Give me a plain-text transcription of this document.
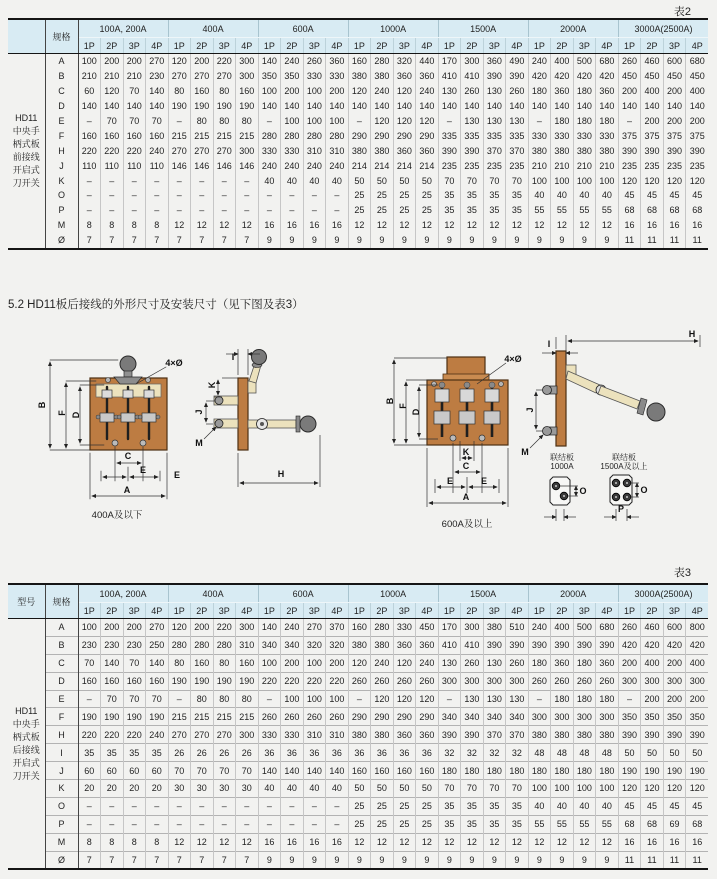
表2
	规格	100A, 200A				400A				600A				1000A				1500A				2000A				3000A(2500A)			
		1P	2P	3P	4P	1P	2P	3P	4P	1P	2P	3P	4P	1P	2P	3P	4P	1P	2P	3P	4P	1P	2P	3P	4P	1P	2P	3P	4P

HD11
中央手
柄式板
前接线
开启式
刀开关
	A	100	200	200	270	120	200	220	300	140	240	260	360	160	280	320	440	170	300	360	490	240	400	500	680	260	460	600	680
	B	210	210	210	230	270	270	270	300	350	350	330	330	380	380	360	360	410	410	390	390	420	420	420	420	450	450	450	450
	C	60	120	70	140	80	160	80	160	100	200	100	200	120	240	120	240	130	260	130	260	180	360	180	360	200	400	200	400
	D	140	140	140	140	190	190	190	190	140	140	140	140	140	140	140	140	140	140	140	140	140	140	140	140	140	140	140	140
	E	–	70	70	70	–	80	80	80	–	100	100	100	–	120	120	120	–	130	130	130	–	180	180	180	–	200	200	200
	F	160	160	160	160	215	215	215	215	280	280	280	280	290	290	290	290	335	335	335	335	330	330	330	330	375	375	375	375
	H	220	220	220	240	270	270	270	300	330	330	310	310	380	380	360	360	390	390	370	370	380	380	380	380	390	390	390	390
	J	110	110	110	110	146	146	146	146	240	240	240	240	214	214	214	214	235	235	235	235	210	210	210	210	235	235	235	235
	K	–	–	–	–	–	–	–	–	40	40	40	40	50	50	50	50	70	70	70	70	100	100	100	100	120	120	120	120
	O	–	–	–	–	–	–	–	–	–	–	–	–	25	25	25	25	35	35	35	35	40	40	40	40	45	45	45	45
	P	–	–	–	–	–	–	–	–	–	–	–	–	25	25	25	25	35	35	35	35	55	55	55	55	68	68	68	68
	M	8	8	8	8	12	12	12	12	16	16	16	16	12	12	12	12	12	12	12	12	12	12	12	12	16	16	16	16
	Ø	7	7	7	7	7	7	7	7	9	9	9	9	9	9	9	9	9	9	9	9	9	9	9	9	11	11	11	11
5.2 HD11板后接线的外形尺寸及安装尺寸（见下图及表3）
B
F D
4×Ø
C
E	E
A
400A及以下
I
K
J
M
H
B
F
D
4×Ø
K
C
E	E
A
600A及以上
I
H
J
M
联结板
1000A
O
联结板
1500A及以上
O
P
表3
型号	规格	100A, 200A				400A				600A				1000A				1500A				2000A				3000A(2500A)			
		1P	2P	3P	4P	1P	2P	3P	4P	1P	2P	3P	4P	1P	2P	3P	4P	1P	2P	3P	4P	1P	2P	3P	4P	1P	2P	3P	4P

HD11
中央手
柄式板
后接线
开启式
刀开关
	A	100	200	200	270	120	200	220	300	140	240	270	370	160	280	330	450	170	300	380	510	240	400	500	680	260	460	600	800
	B	230	230	230	250	280	280	280	310	340	340	320	320	380	380	360	360	410	410	390	390	390	390	390	390	420	420	420	420
	C	70	140	70	140	80	160	80	160	100	200	100	200	120	240	120	240	130	260	130	260	180	360	180	360	200	400	200	400
	D	160	160	160	160	190	190	190	190	220	220	220	220	260	260	260	260	300	300	300	300	260	260	260	260	300	300	300	300
	E	–	70	70	70	–	80	80	80	–	100	100	100	–	120	120	120	–	130	130	130	–	180	180	180	–	200	200	200
	F	190	190	190	190	215	215	215	215	260	260	260	260	290	290	290	290	340	340	340	340	300	300	300	300	350	350	350	350
	H	220	220	220	240	270	270	270	300	330	330	310	310	380	380	360	360	390	390	370	370	380	380	380	380	390	390	390	390
	I	35	35	35	35	26	26	26	26	36	36	36	36	36	36	36	36	32	32	32	32	48	48	48	48	50	50	50	50
	J	60	60	60	60	70	70	70	70	140	140	140	140	160	160	160	160	180	180	180	180	180	180	180	180	190	190	190	190
	K	20	20	20	20	30	30	30	30	40	40	40	40	50	50	50	50	70	70	70	70	100	100	100	100	120	120	120	120
	O	–	–	–	–	–	–	–	–	–	–	–	–	25	25	25	25	35	35	35	35	40	40	40	40	45	45	45	45
	P	–	–	–	–	–	–	–	–	–	–	–	–	25	25	25	25	35	35	35	35	55	55	55	55	68	68	69	68
	M	8	8	8	8	12	12	12	12	16	16	16	16	12	12	12	12	12	12	12	12	12	12	12	12	16	16	16	16
	Ø	7	7	7	7	7	7	7	7	9	9	9	9	9	9	9	9	9	9	9	9	9	9	9	9	11	11	11	11
